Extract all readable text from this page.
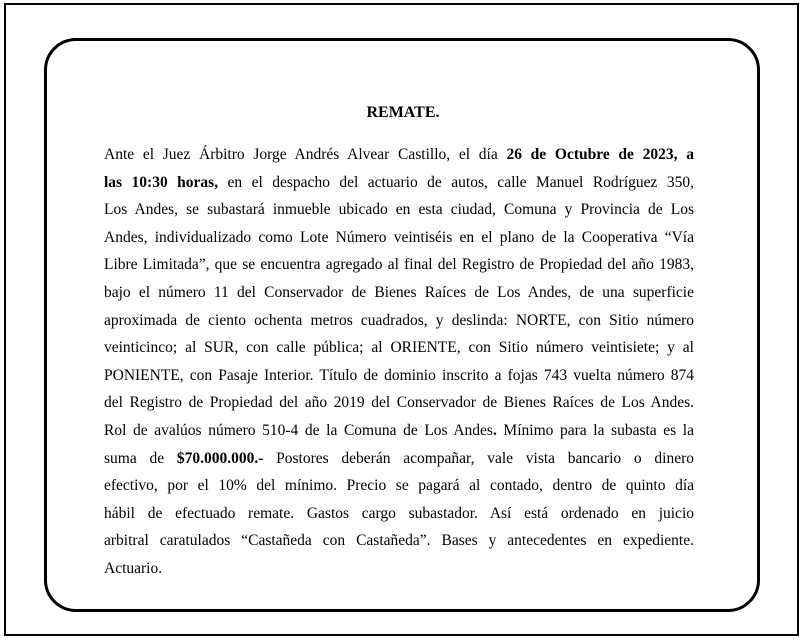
REMATE.
Ante el Juez Árbitro Jorge Andrés Alvear Castillo, el día 26 de Octubre de 2023, a
las 10:30 horas, en el despacho del actuario de autos, calle Manuel Rodríguez 350,
Los Andes, se subastará inmueble ubicado en esta ciudad, Comuna y Provincia de Los
Andes, individualizado como Lote Número veintiséis en el plano de la Cooperativa “Vía
Libre Limitada”, que se encuentra agregado al final del Registro de Propiedad del año 1983,
bajo el número 11 del Conservador de Bienes Raíces de Los Andes, de una superficie
aproximada de ciento ochenta metros cuadrados, y deslinda: NORTE, con Sitio número
veinticinco; al SUR, con calle pública; al ORIENTE, con Sitio número veintisiete; y al
PONIENTE, con Pasaje Interior. Título de dominio inscrito a fojas 743 vuelta número 874
del Registro de Propiedad del año 2019 del Conservador de Bienes Raíces de Los Andes.
Rol de avalúos número 510-4 de la Comuna de Los Andes. Mínimo para la subasta es la
suma de $70.000.000.- Postores deberán acompañar, vale vista bancario o dinero
efectivo, por el 10% del mínimo. Precio se pagará al contado, dentro de quinto día
hábil de efectuado remate. Gastos cargo subastador. Así está ordenado en juicio
arbitral caratulados “Castañeda con Castañeda”. Bases y antecedentes en expediente.
Actuario.
